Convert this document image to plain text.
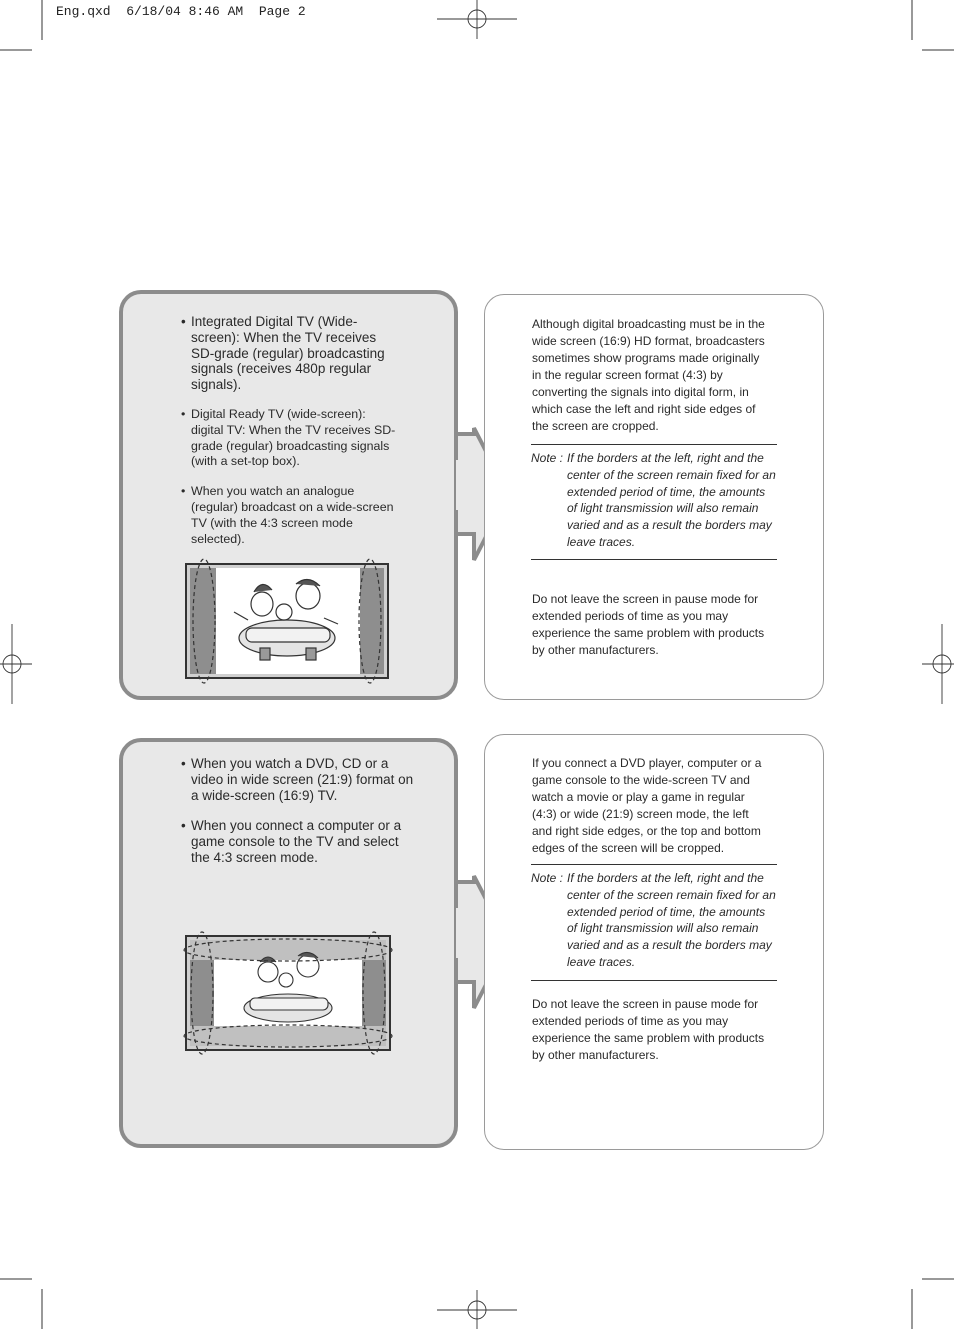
Eng.qxd  6/18/04 8:46 AM  Page 2
• Integrated Digital TV (Wide-screen): When the TV receives SD-grade (regular) broadcasting signals (receives 480p regular signals).
• Digital Ready TV (wide-screen): digital TV: When the TV receives SD-grade (regular) broadcasting signals (with a set-top box).
• When you watch an analogue (regular) broadcast on a wide-screen TV (with the 4:3 screen mode selected).

Although digital broadcasting must be in the wide screen (16:9) HD format, broadcasters sometimes show programs made originally in the regular screen format (4:3) by converting the signals into digital form, in which case the left and right side edges of the screen are cropped.

Note : If the borders at the left, right and the center of the screen remain fixed for an extended period of time, the amounts of light transmission will also remain varied and as a result the borders may leave traces.

Do not leave the screen in pause mode for extended periods of time as you may experience the same problem with products by other manufacturers.

• When you watch a DVD, CD or a video in wide screen (21:9) format on a wide-screen (16:9) TV.
• When you connect a computer or a game console to the TV and select the 4:3 screen mode.

If you connect a DVD player, computer or a game console to the wide-screen TV and watch a movie or play a game in regular (4:3) or wide (21:9) screen mode, the left and right side edges, or the top and bottom edges of the screen will be cropped.

Note : If the borders at the left, right and the center of the screen remain fixed for an extended period of time, the amounts of light transmission will also remain varied and as a result the borders may leave traces.

Do not leave the screen in pause mode for extended periods of time as you may experience the same problem with products by other manufacturers.
